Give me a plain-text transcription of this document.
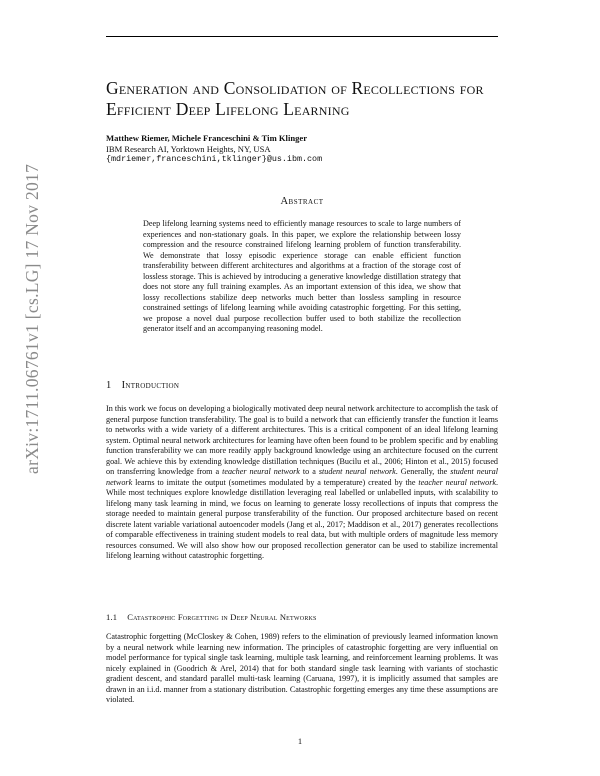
arXiv:1711.06761v1 [cs.LG] 17 Nov 2017
Generation and Consolidation of Recollections for Efficient Deep Lifelong Learning
Matthew Riemer, Michele Franceschini & Tim Klinger
IBM Research AI, Yorktown Heights, NY, USA
{mdriemer,franceschini,tklinger}@us.ibm.com
Abstract
Deep lifelong learning systems need to efficiently manage resources to scale to large numbers of experiences and non-stationary goals. In this paper, we explore the relationship between lossy compression and the resource constrained lifelong learning problem of function transferability. We demonstrate that lossy episodic experience storage can enable efficient function transferability between different architectures and algorithms at a fraction of the storage cost of lossless storage. This is achieved by introducing a generative knowledge distillation strategy that does not store any full training examples. As an important extension of this idea, we show that lossy recollections stabilize deep networks much better than lossless sampling in resource constrained settings of lifelong learning while avoiding catastrophic forgetting. For this setting, we propose a novel dual purpose recollection buffer used to both stabilize the recollection generator itself and an accompanying reasoning model.
1 Introduction

In this work we focus on developing a biologically motivated deep neural network architecture to accomplish the task of general purpose function transferability. The goal is to build a network that can efficiently transfer the function it learns to networks with a wide variety of a different architectures. This is a critical component of an ideal lifelong learning system. Optimal neural network architectures for learning have often been found to be problem specific and by enabling function transferability we can more readily apply background knowledge using an architecture focused on the current goal. We achieve this by extending knowledge distillation techniques (Bucilu et al., 2006; Hinton et al., 2015) focused on transferring knowledge from a teacher neural network to a student neural network. Generally, the student neural network learns to imitate the output (sometimes modulated by a temperature) created by the teacher neural network. While most techniques explore knowledge distillation leveraging real labelled or unlabelled inputs, with scalability to lifelong many task learning in mind, we focus on learning to generate lossy recollections of inputs that compress the storage needed to maintain general purpose transferability of the function. Our proposed architecture based on recent discrete latent variable variational autoencoder models (Jang et al., 2017; Maddison et al., 2017) generates recollections of comparable effectiveness in training student models to real data, but with multiple orders of magnitude less memory resources consumed. We will also show how our proposed recollection generator can be used to stabilize incremental lifelong learning without catastrophic forgetting.

1.1 Catastrophic Forgetting in Deep Neural Networks

Catastrophic forgetting (McCloskey & Cohen, 1989) refers to the elimination of previously learned information known by a neural network while learning new information. The principles of catastrophic forgetting are very influential on model performance for typical single task learning, multiple task learning, and reinforcement learning problems. It was nicely explained in (Goodrich & Arel, 2014) that for both standard single task learning with variants of stochastic gradient descent, and standard parallel multi-task learning (Caruana, 1997), it is implicitly assumed that samples are drawn in an i.i.d. manner from a stationary distribution. Catastrophic forgetting emerges any time these assumptions are violated.

1
